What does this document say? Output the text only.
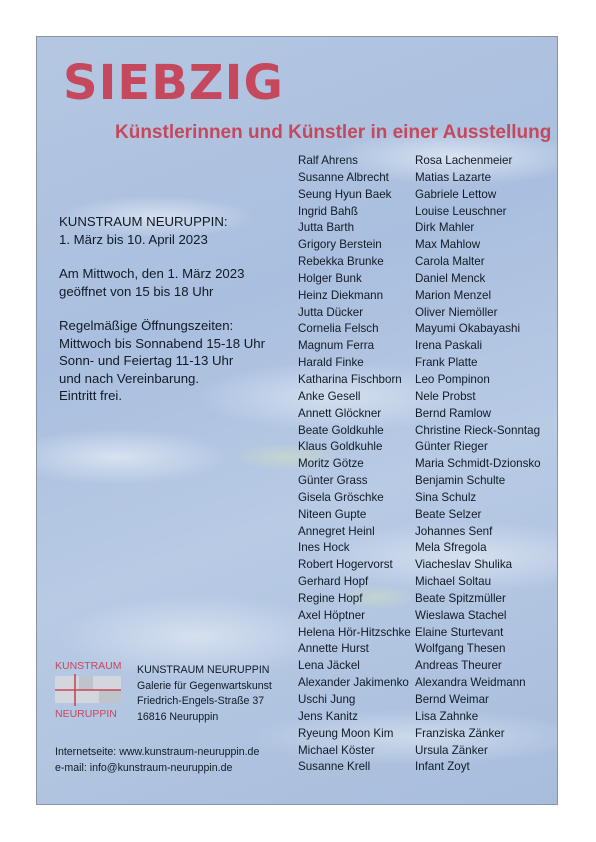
SIEBZIG
Künstlerinnen und Künstler in einer Ausstellung

KUNSTRAUM NEURUPPIN:
1. März bis 10. April 2023

Am Mittwoch, den 1. März 2023
geöffnet von 15 bis 18 Uhr

Regelmäßige Öffnungszeiten:
Mittwoch bis Sonnabend 15-18 Uhr
Sonn- und Feiertag 11-13 Uhr
und nach Vereinbarung.
Eintritt frei.

Ralf Ahrens
Susanne Albrecht
Seung Hyun Baek
Ingrid Bahß
Jutta Barth
Grigory Berstein
Rebekka Brunke
Holger Bunk
Heinz Diekmann
Jutta Dücker
Cornelia Felsch
Magnum Ferra
Harald Finke
Katharina Fischborn
Anke Gesell
Annett Glöckner
Beate Goldkuhle
Klaus Goldkuhle
Moritz Götze
Günter Grass
Gisela Gröschke
Niteen Gupte
Annegret Heinl
Ines Hock
Robert Hogervorst
Gerhard Hopf
Regine Hopf
Axel Höptner
Helena Hör-Hitzschke
Annette Hurst
Lena Jäckel
Alexander Jakimenko
Uschi Jung
Jens Kanitz
Ryeung Moon Kim
Michael Köster
Susanne Krell
Rosa Lachenmeier
Matias Lazarte
Gabriele Lettow
Louise Leuschner
Dirk Mahler
Max Mahlow
Carola Malter
Daniel Menck
Marion Menzel
Oliver Niemöller
Mayumi Okabayashi
Irena Paskali
Frank Platte
Leo Pompinon
Nele Probst
Bernd Ramlow
Christine Rieck-Sonntag
Günter Rieger
Maria Schmidt-Dzionsko
Benjamin Schulte
Sina Schulz
Beate Selzer
Johannes Senf
Mela Sfregola
Viacheslav Shulika
Michael Soltau
Beate Spitzmüller
Wieslawa Stachel
Elaine Sturtevant
Wolfgang Thesen
Andreas Theurer
Alexandra Weidmann
Bernd Weimar
Lisa Zahnke
Franziska Zänker
Ursula Zänker
Infant Zoyt
KUNSTRAUM
NEURUPPIN
KUNSTRAUM NEURUPPIN
Galerie für Gegenwartskunst
Friedrich-Engels-Straße 37
16816 Neuruppin
Internetseite: www.kunstraum-neuruppin.de
e-mail: info@kunstraum-neuruppin.de
